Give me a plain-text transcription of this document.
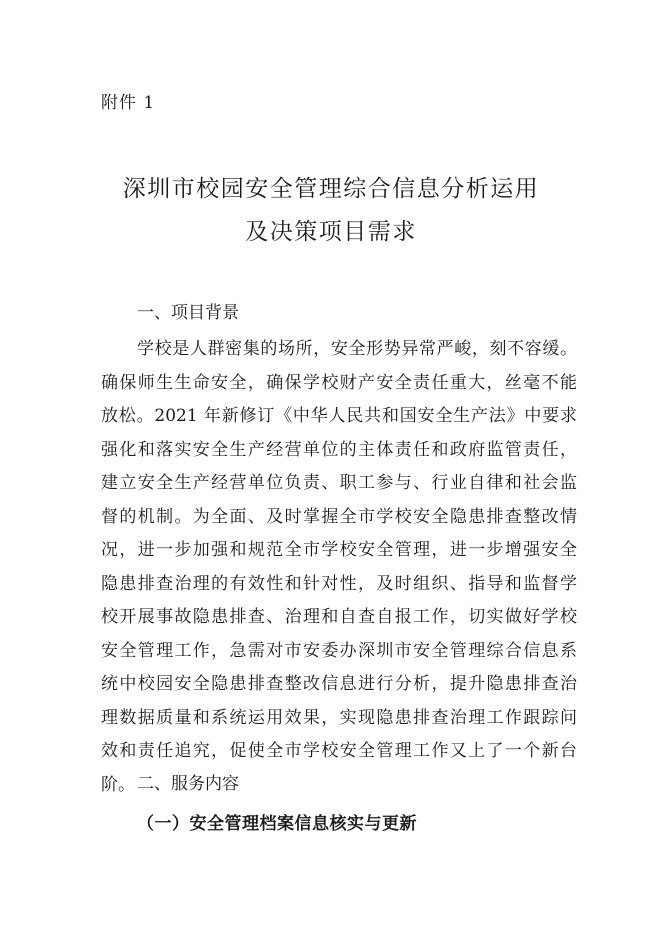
附件 1
深圳市校园安全管理综合信息分析运用
及决策项目需求
一、项目背景
学校是人群密集的场所，安全形势异常严峻，刻不容缓。
确保师生生命安全，确保学校财产安全责任重大，丝毫不能
放松。2021 年新修订《中华人民共和国安全生产法》中要求
强化和落实安全生产经营单位的主体责任和政府监管责任，
建立安全生产经营单位负责、职工参与、行业自律和社会监
督的机制。为全面、及时掌握全市学校安全隐患排查整改情
况，进一步加强和规范全市学校安全管理，进一步增强安全
隐患排查治理的有效性和针对性，及时组织、指导和监督学
校开展事故隐患排查、治理和自查自报工作，切实做好学校
安全管理工作，急需对市安委办深圳市安全管理综合信息系
统中校园安全隐患排查整改信息进行分析，提升隐患排查治
理数据质量和系统运用效果，实现隐患排查治理工作跟踪问
效和责任追究，促使全市学校安全管理工作又上了一个新台
阶。 二、服务内容
（一）安全管理档案信息核实与更新
